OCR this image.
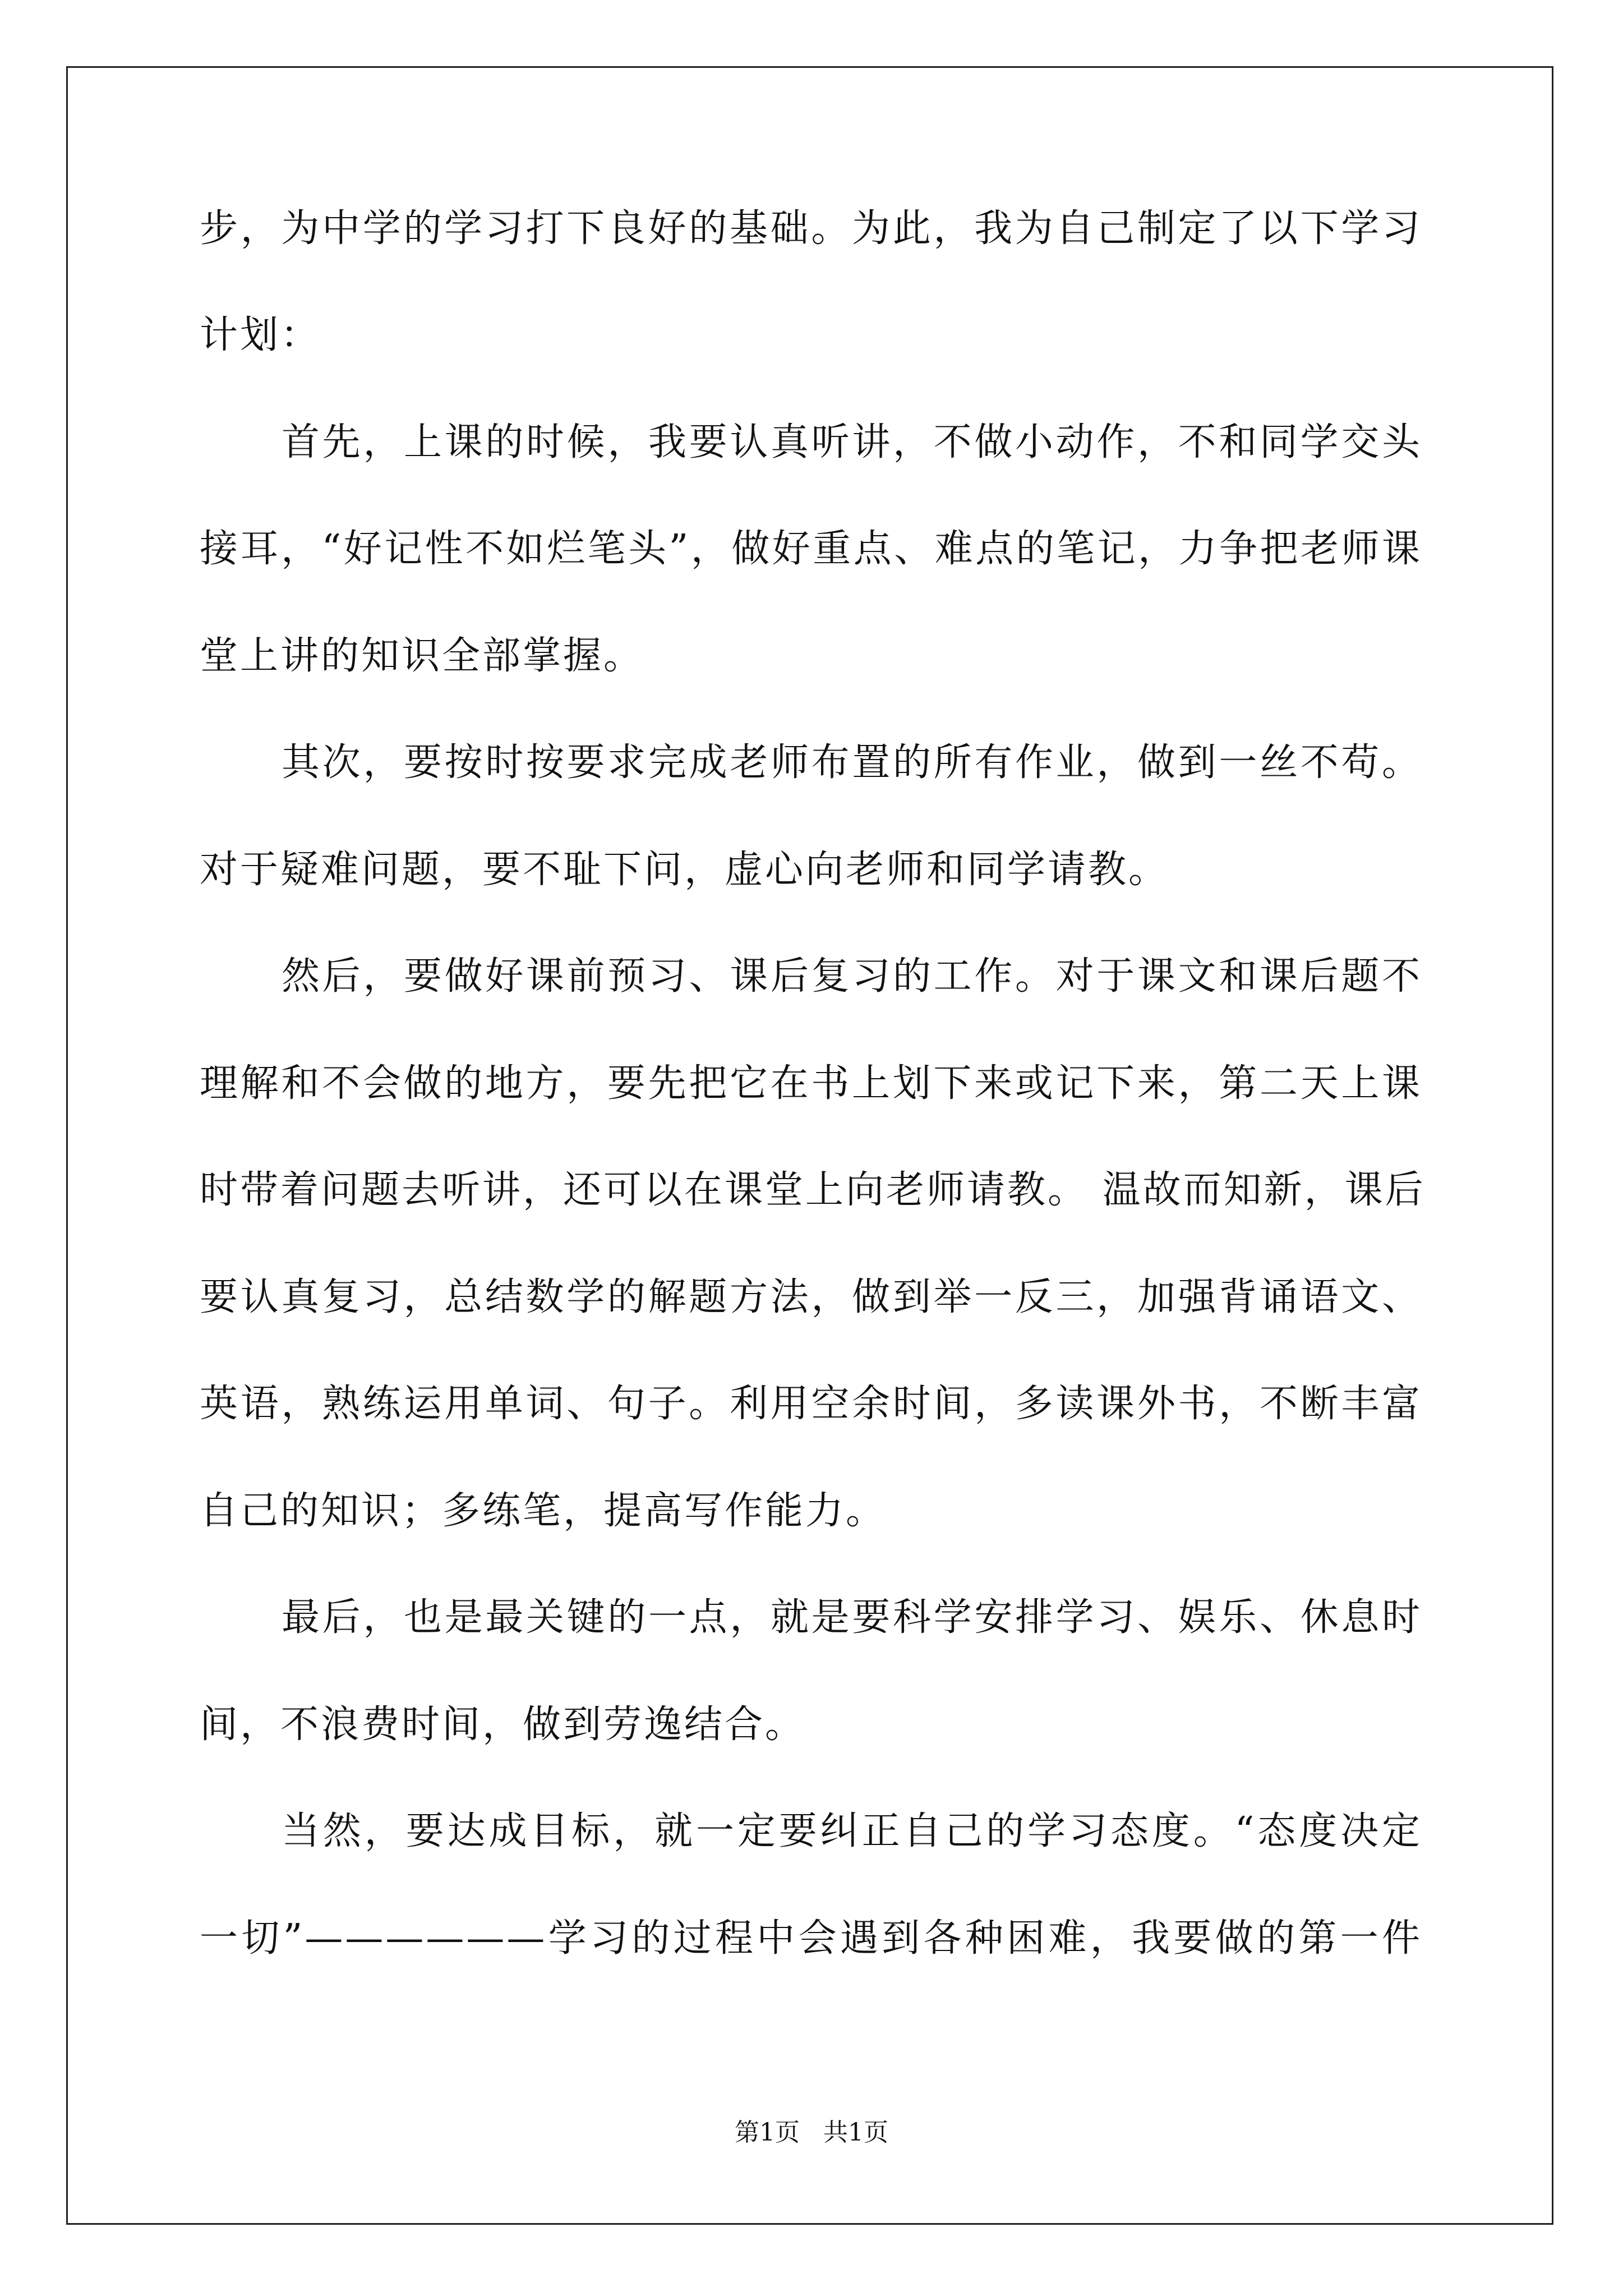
步，为中学的学习打下良好的基础。为此，我为自己制定了以下学习
计划：
首先，上课的时候，我要认真听讲，不做小动作，不和同学交头
接耳，“好记性不如烂笔头”，做好重点、难点的笔记，力争把老师课
堂上讲的知识全部掌握。
其次，要按时按要求完成老师布置的所有作业，做到一丝不苟。
对于疑难问题，要不耻下问，虚心向老师和同学请教。
然后，要做好课前预习、课后复习的工作。对于课文和课后题不
理解和不会做的地方，要先把它在书上划下来或记下来，第二天上课
时带着问题去听讲，还可以在课堂上向老师请教。 温故而知新，课后
要认真复习，总结数学的解题方法，做到举一反三，加强背诵语文、
英语，熟练运用单词、句子。利用空余时间，多读课外书，不断丰富
自己的知识；多练笔，提高写作能力。
最后，也是最关键的一点，就是要科学安排学习、娱乐、休息时
间，不浪费时间，做到劳逸结合。
当然，要达成目标，就一定要纠正自己的学习态度。“态度决定
一切”——————学习的过程中会遇到各种困难，我要做的第一件
第1页 共1页
